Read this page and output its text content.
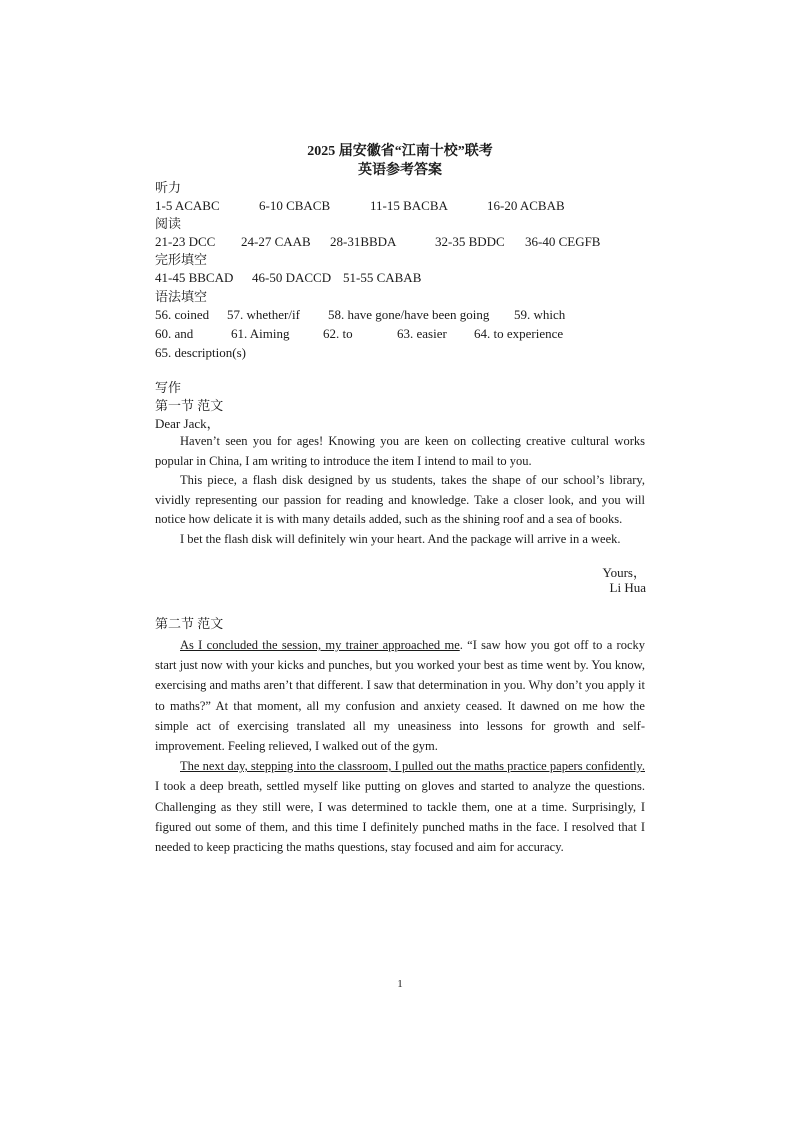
2025 届安徽省“江南十校”联考
英语参考答案
听力
1-5 ACABC	6-10 CBACB	11-15 BACBA	16-20 ACBAB
阅读
21-23 DCC 24-27 CAAB 28-31BBDA	32-35 BDDC 36-40 CEGFB
完形填空
41-45 BBCAD 46-50 DACCD 51-55 CABAB
语法填空
56. coined 57. whether/if 58. have gone/have been going 59. which
60. and	61. Aiming	62. to	63. easier 64. to experience
65. description(s)
写作
第一节 范文
Dear Jack，

Haven’t seen you for ages! Knowing you are keen on collecting creative cultural works popular in China, I am writing to introduce the item I intend to mail to you.

This piece, a flash disk designed by us students, takes the shape of our school’s library, vividly representing our passion for reading and knowledge. Take a closer look, and you will notice how delicate it is with many details added, such as the shining roof and a sea of books.

I bet the flash disk will definitely win your heart. And the package will arrive in a week.

Yours，
Li Hua
第二节 范文

As I concluded the session, my trainer approached me. “I saw how you got off to a rocky start just now with your kicks and punches, but you worked your best as time went by. You know, exercising and maths aren’t that different. I saw that determination in you. Why don’t you apply it to maths?” At that moment, all my confusion and anxiety ceased. It dawned on me how the simple act of exercising translated all my uneasiness into lessons for growth and self-improvement. Feeling relieved, I walked out of the gym.

The next day, stepping into the classroom, I pulled out the maths practice papers confidently. I took a deep breath, settled myself like putting on gloves and started to analyze the questions. Challenging as they still were, I was determined to tackle them, one at a time. Surprisingly, I figured out some of them, and this time I definitely punched maths in the face. I resolved that I needed to keep practicing the maths questions, stay focused and aim for accuracy.

1
